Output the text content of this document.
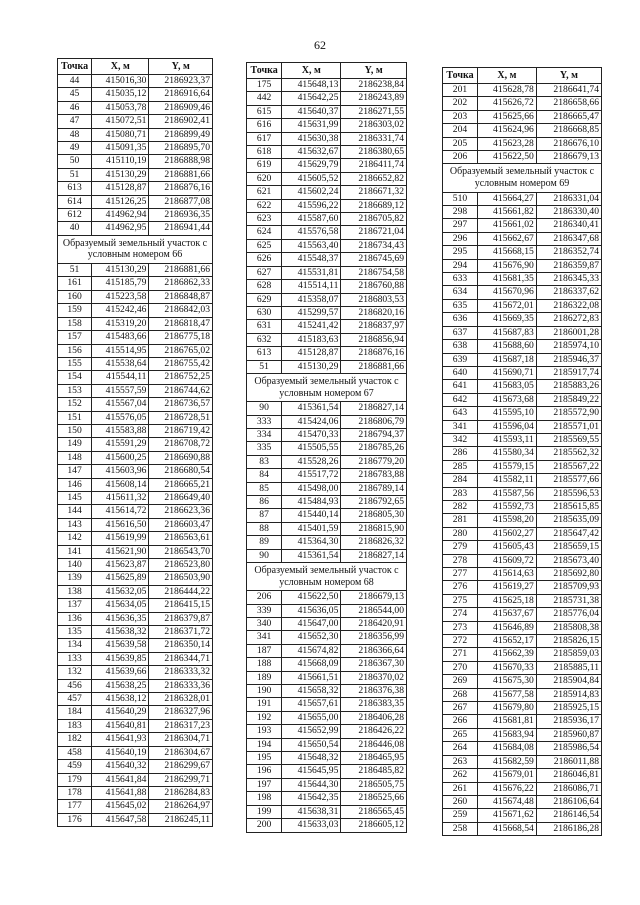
62
Точка	X, м	Y, м
44	415016,30	2186923,37
45	415035,12	2186916,64
46	415053,78	2186909,46
47	415072,51	2186902,41
48	415080,71	2186899,49
49	415091,35	2186895,70
50	415110,19	2186888,98
51	415130,29	2186881,66
613	415128,87	2186876,16
614	415126,25	2186877,08
612	414962,94	2186936,35
40	414962,95	2186941,44
Образуемый земельный участок с условным номером 66		
51	415130,29	2186881,66
161	415185,79	2186862,33
160	415223,58	2186848,87
159	415242,46	2186842,03
158	415319,20	2186818,47
157	415483,66	2186775,18
156	415514,95	2186765,02
155	415538,64	2186755,42
154	415544,11	2186752,25
153	415557,59	2186744,62
152	415567,04	2186736,57
151	415576,05	2186728,51
150	415583,88	2186719,42
149	415591,29	2186708,72
148	415600,25	2186690,88
147	415603,96	2186680,54
146	415608,14	2186665,21
145	415611,32	2186649,40
144	415614,72	2186623,36
143	415616,50	2186603,47
142	415619,99	2186563,61
141	415621,90	2186543,70
140	415623,87	2186523,80
139	415625,89	2186503,90
138	415632,05	2186444,22
137	415634,05	2186415,15
136	415636,35	2186379,87
135	415638,32	2186371,72
134	415639,58	2186350,14
133	415639,85	2186344,71
132	415639,66	2186333,32
456	415638,25	2186333,36
457	415638,12	2186328,01
184	415640,29	2186327,96
183	415640,81	2186317,23
182	415641,93	2186304,71
458	415640,19	2186304,67
459	415640,32	2186299,67
179	415641,84	2186299,71
178	415641,88	2186284,83
177	415645,02	2186264,97
176	415647,58	2186245,11
Точка	X, м	Y, м
175	415648,13	2186238,84
442	415642,25	2186243,89
615	415640,37	2186271,55
616	415631,99	2186303,02
617	415630,38	2186331,74
618	415632,67	2186380,65
619	415629,79	2186411,74
620	415605,52	2186652,82
621	415602,24	2186671,32
622	415596,22	2186689,12
623	415587,60	2186705,82
624	415576,58	2186721,04
625	415563,40	2186734,43
626	415548,37	2186745,69
627	415531,81	2186754,58
628	415514,11	2186760,88
629	415358,07	2186803,53
630	415299,57	2186820,16
631	415241,42	2186837,97
632	415183,63	2186856,94
613	415128,87	2186876,16
51	415130,29	2186881,66
Образуемый земельный участок с условным номером 67		
90	415361,54	2186827,14
333	415424,06	2186806,79
334	415470,33	2186794,37
335	415505,55	2186785,26
83	415528,26	2186779,20
84	415517,72	2186783,88
85	415498,00	2186789,14
86	415484,93	2186792,65
87	415440,14	2186805,30
88	415401,59	2186815,90
89	415364,30	2186826,32
90	415361,54	2186827,14
Образуемый земельный участок с условным номером 68		
206	415622,50	2186679,13
339	415636,05	2186544,00
340	415647,00	2186420,91
341	415652,30	2186356,99
187	415674,82	2186366,64
188	415668,09	2186367,30
189	415661,51	2186370,02
190	415658,32	2186376,38
191	415657,61	2186383,35
192	415655,00	2186406,28
193	415652,99	2186426,22
194	415650,54	2186446,08
195	415648,32	2186465,95
196	415645,95	2186485,82
197	415644,30	2186505,75
198	415642,35	2186525,66
199	415638,31	2186565,45
200	415633,03	2186605,12
Точка	X, м	Y, м
201	415628,78	2186641,74
202	415626,72	2186658,66
203	415625,66	2186665,47
204	415624,96	2186668,85
205	415623,28	2186676,10
206	415622,50	2186679,13
Образуемый земельный участок с условным номером 69		
510	415664,27	2186331,04
298	415661,82	2186330,40
297	415661,02	2186340,41
296	415662,67	2186347,68
295	415668,15	2186352,74
294	415676,90	2186359,87
633	415681,35	2186345,33
634	415670,96	2186337,62
635	415672,01	2186322,08
636	415669,35	2186272,83
637	415687,83	2186001,28
638	415688,60	2185974,10
639	415687,18	2185946,37
640	415690,71	2185917,74
641	415683,05	2185883,26
642	415673,68	2185849,22
643	415595,10	2185572,90
341	415596,04	2185571,01
342	415593,11	2185569,55
286	415580,34	2185562,32
285	415579,15	2185567,22
284	415582,11	2185577,66
283	415587,56	2185596,53
282	415592,73	2185615,85
281	415598,20	2185635,09
280	415602,27	2185647,42
279	415605,43	2185659,15
278	415609,72	2185673,40
277	415614,63	2185692,80
276	415619,27	2185709,93
275	415625,18	2185731,38
274	415637,67	2185776,04
273	415646,89	2185808,38
272	415652,17	2185826,15
271	415662,39	2185859,03
270	415670,33	2185885,11
269	415675,30	2185904,84
268	415677,58	2185914,83
267	415679,80	2185925,15
266	415681,81	2185936,17
265	415683,94	2185960,87
264	415684,08	2185986,54
263	415682,59	2186011,88
262	415679,01	2186046,81
261	415676,22	2186086,71
260	415674,48	2186106,64
259	415671,62	2186146,54
258	415668,54	2186186,28
